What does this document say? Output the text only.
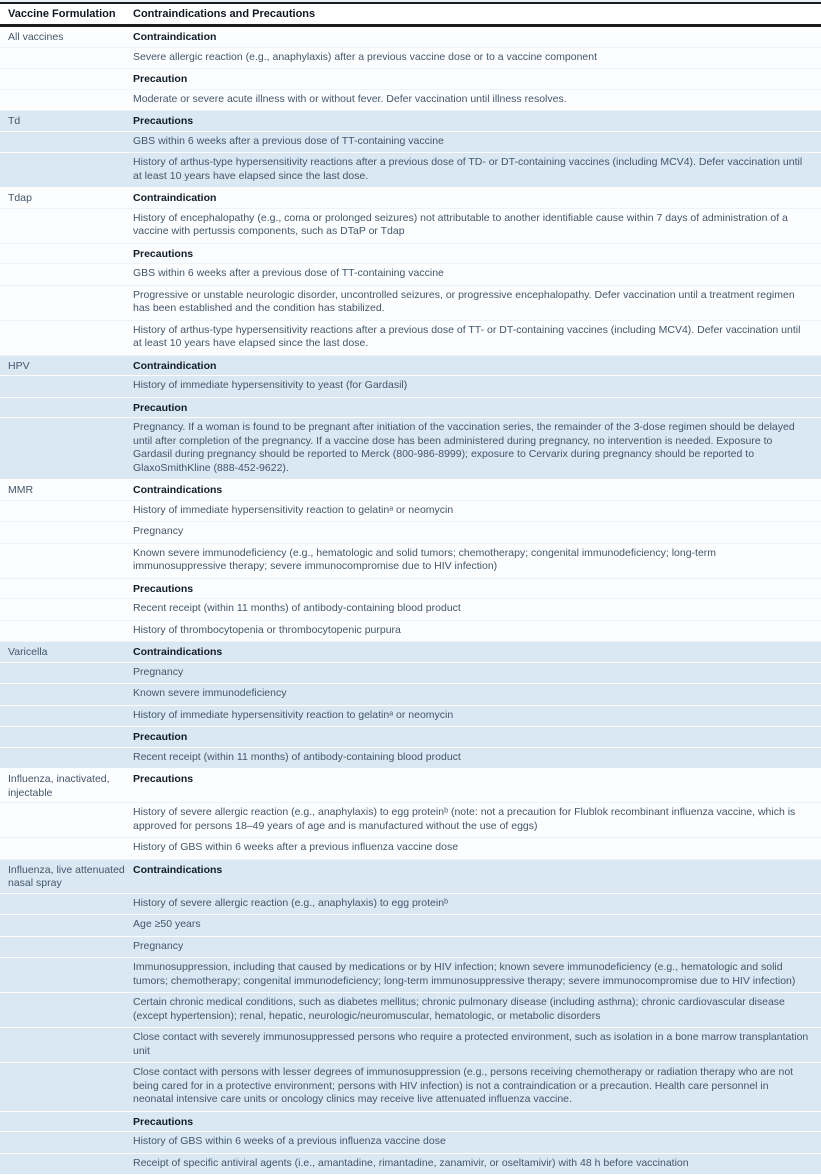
Vaccine Formulation	Contraindications and Precautions
All vaccines	Contraindication
	Severe allergic reaction (e.g., anaphylaxis) after a previous vaccine dose or to a vaccine component
	Precaution
	Moderate or severe acute illness with or without fever. Defer vaccination until illness resolves.
Td	Precautions
	GBS within 6 weeks after a previous dose of TT-containing vaccine
	History of arthus-type hypersensitivity reactions after a previous dose of TD- or DT-containing vaccines (including MCV4). Defer vaccination until at least 10 years have elapsed since the last dose.
Tdap	Contraindication
	History of encephalopathy (e.g., coma or prolonged seizures) not attributable to another identifiable cause within 7 days of administration of a vaccine with pertussis components, such as DTaP or Tdap
	Precautions
	GBS within 6 weeks after a previous dose of TT-containing vaccine
	Progressive or unstable neurologic disorder, uncontrolled seizures, or progressive encephalopathy. Defer vaccination until a treatment regimen has been established and the condition has stabilized.
	History of arthus-type hypersensitivity reactions after a previous dose of TT- or DT-containing vaccines (including MCV4). Defer vaccination until at least 10 years have elapsed since the last dose.
HPV	Contraindication
	History of immediate hypersensitivity to yeast (for Gardasil)
	Precaution
	Pregnancy. If a woman is found to be pregnant after initiation of the vaccination series, the remainder of the 3-dose regimen should be delayed until after completion of the pregnancy. If a vaccine dose has been administered during pregnancy, no intervention is needed. Exposure to Gardasil during pregnancy should be reported to Merck (800-986-8999); exposure to Cervarix during pregnancy should be reported to GlaxoSmithKline (888-452-9622).
MMR	Contraindications
	History of immediate hypersensitivity reaction to gelatinᵃ or neomycin
	Pregnancy
	Known severe immunodeficiency (e.g., hematologic and solid tumors; chemotherapy; congenital immunodeficiency; long-term immunosuppressive therapy; severe immunocompromise due to HIV infection)
	Precautions
	Recent receipt (within 11 months) of antibody-containing blood product
	History of thrombocytopenia or thrombocytopenic purpura
Varicella	Contraindications
	Pregnancy
	Known severe immunodeficiency
	History of immediate hypersensitivity reaction to gelatinᵃ or neomycin
	Precaution
	Recent receipt (within 11 months) of antibody-containing blood product
Influenza, inactivated, injectable	Precautions
	History of severe allergic reaction (e.g., anaphylaxis) to egg proteinᵇ (note: not a precaution for Flublok recombinant influenza vaccine, which is approved for persons 18–49 years of age and is manufactured without the use of eggs)
	History of GBS within 6 weeks after a previous influenza vaccine dose
Influenza, live attenuated nasal spray	Contraindications
	History of severe allergic reaction (e.g., anaphylaxis) to egg proteinᵇ
	Age ≥50 years
	Pregnancy
	Immunosuppression, including that caused by medications or by HIV infection; known severe immunodeficiency (e.g., hematologic and solid tumors; chemotherapy; congenital immunodeficiency; long-term immunosuppressive therapy; severe immunocompromise due to HIV infection)
	Certain chronic medical conditions, such as diabetes mellitus; chronic pulmonary disease (including asthma); chronic cardiovascular disease (except hypertension); renal, hepatic, neurologic/neuromuscular, hematologic, or metabolic disorders
	Close contact with severely immunosuppressed persons who require a protected environment, such as isolation in a bone marrow transplantation unit
	Close contact with persons with lesser degrees of immunosuppression (e.g., persons receiving chemotherapy or radiation therapy who are not being cared for in a protective environment; persons with HIV infection) is not a contraindication or a precaution. Health care personnel in neonatal intensive care units or oncology clinics may receive live attenuated influenza vaccine.
	Precautions
	History of GBS within 6 weeks of a previous influenza vaccine dose
	Receipt of specific antiviral agents (i.e., amantadine, rimantadine, zanamivir, or oseltamivir) with 48 h before vaccination
